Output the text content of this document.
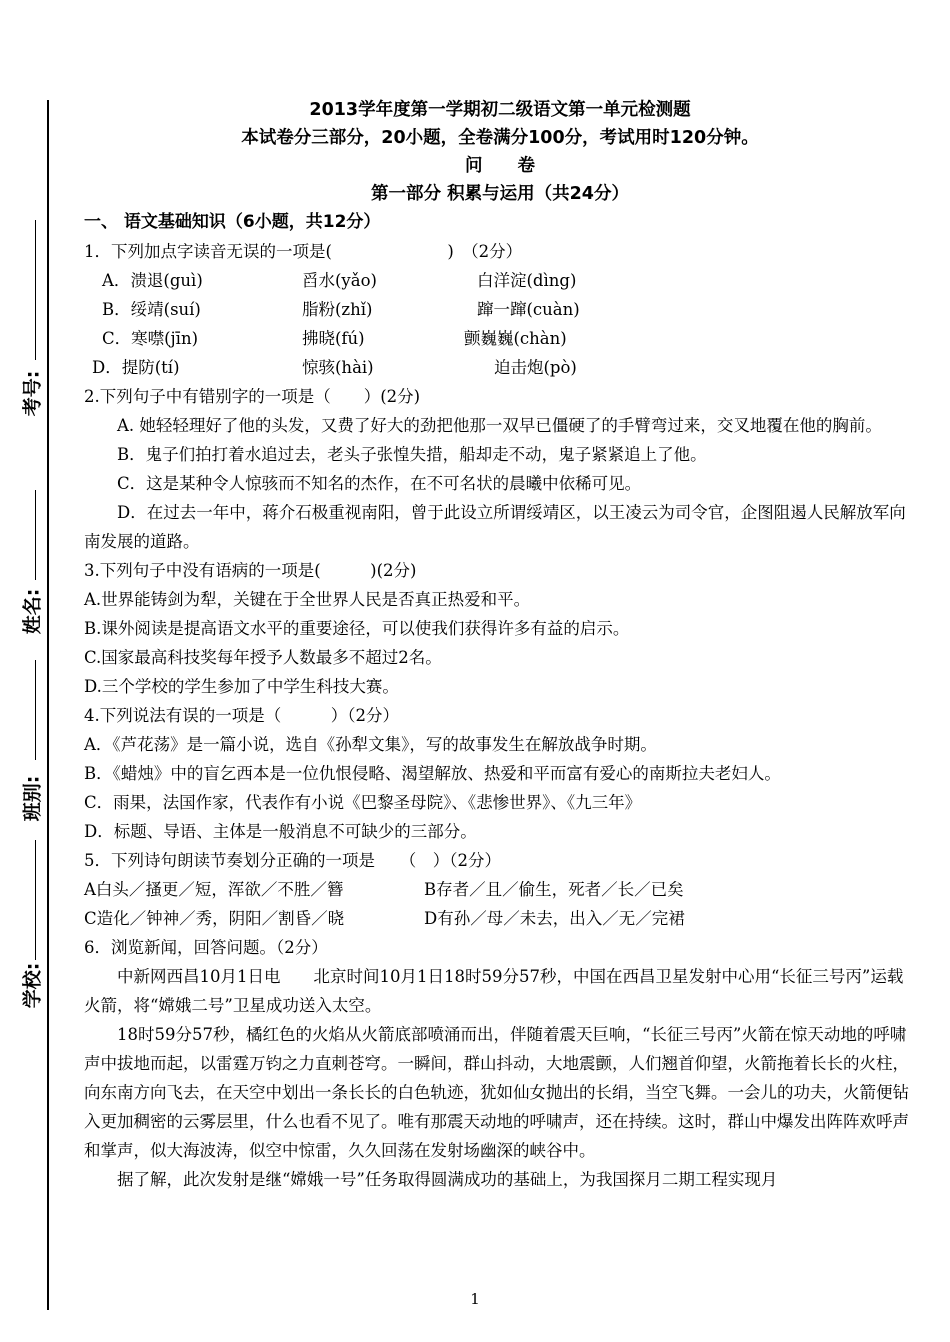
考号:
姓名:
班别:
学校:
2013学年度第一学期初二级语文第一单元检测题
本试卷分三部分，20小题，全卷满分100分，考试用时120分钟。
问　　卷
第一部分 积累与运用（共24分）
一、 语文基础知识（6小题，共12分）
1．下列加点字读音无误的一项是(　　　　　　　)　（2分）
A．溃退(guì)	舀水(yǎo)	白洋淀(dìng)
B．绥靖(suí)	脂粉(zhǐ)	蹿一蹿(cuàn)
C．寒噤(jīn)	拂晓(fú)	颤巍巍(chàn)
D．提防(tí)	惊骇(hài)	迫击炮(pò)
2.下列句子中有错别字的一项是（　　）(2分)
A. 她轻轻理好了他的头发，又费了好大的劲把他那一双早已僵硬了的手臂弯过来，交叉地覆在他的胸前。
B．鬼子们拍打着水追过去，老头子张惶失措，船却走不动，鬼子紧紧追上了他。
C．这是某种令人惊骇而不知名的杰作，在不可名状的晨曦中依稀可见。
D．在过去一年中，蒋介石极重视南阳，曾于此设立所谓绥靖区，以王凌云为司令官，企图阻遏人民解放军向南发展的道路。
3.下列句子中没有语病的一项是(　　　)(2分)
A.世界能铸剑为犁，关键在于全世界人民是否真正热爱和平。
B.课外阅读是提高语文水平的重要途径，可以使我们获得许多有益的启示。
C.国家最高科技奖每年授予人数最多不超过2名。
D.三个学校的学生参加了中学生科技大赛。
4.下列说法有误的一项是（　　　）（2分）
A．《芦花荡》是一篇小说，选自《孙犁文集》，写的故事发生在解放战争时期。
B．《蜡烛》中的盲乞西本是一位仇恨侵略、渴望解放、热爱和平而富有爱心的南斯拉夫老妇人。
C．雨果，法国作家，代表作有小说《巴黎圣母院》、《悲惨世界》、《九三年》
D．标题、导语、主体是一般消息不可缺少的三部分。
5．下列诗句朗读节奏划分正确的一项是　　（　）（2分）
A白头／搔更／短，浑欲／不胜／簪	B存者／且／偷生，死者／长／已矣
C造化／钟神／秀，阴阳／割昏／晓	D有孙／母／未去，出入／无／完裙
6．浏览新闻，回答问题。（2分）
中新网西昌10月1日电　　北京时间10月1日18时59分57秒，中国在西昌卫星发射中心用“长征三号丙”运载火箭，将“嫦娥二号”卫星成功送入太空。
18时59分57秒，橘红色的火焰从火箭底部喷涌而出，伴随着震天巨响，“长征三号丙”火箭在惊天动地的呼啸声中拔地而起，以雷霆万钧之力直刺苍穹。一瞬间，群山抖动，大地震颤，人们翘首仰望，火箭拖着长长的火柱，向东南方向飞去，在天空中划出一条长长的白色轨迹，犹如仙女抛出的长绢，当空飞舞。一会儿的功夫，火箭便钻入更加稠密的云雾层里，什么也看不见了。唯有那震天动地的呼啸声，还在持续。这时，群山中爆发出阵阵欢呼声和掌声，似大海波涛，似空中惊雷，久久回荡在发射场幽深的峡谷中。
据了解，此次发射是继“嫦娥一号”任务取得圆满成功的基础上，为我国探月二期工程实现月
1
